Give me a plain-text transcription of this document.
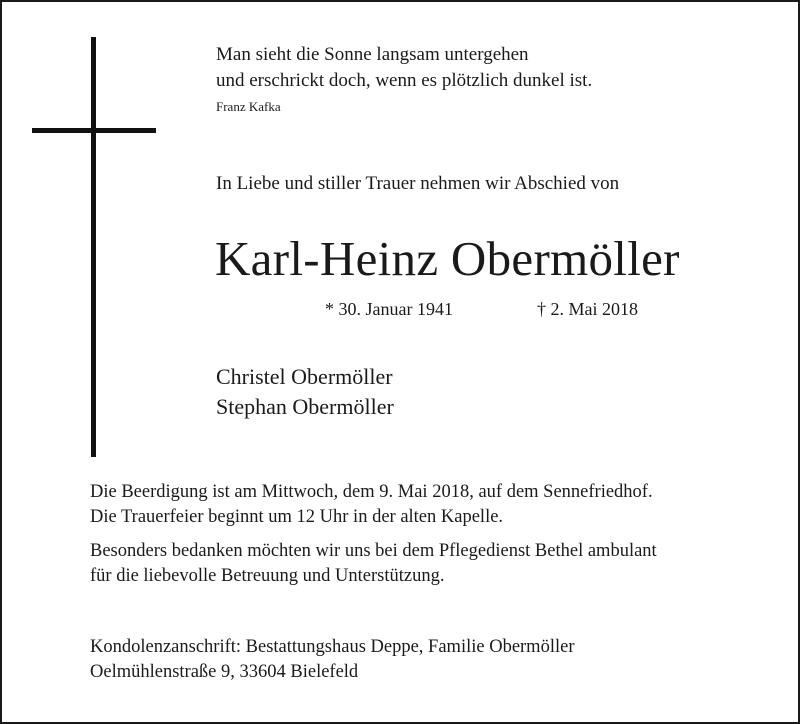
Man sieht die Sonne langsam untergehen
und erschrickt doch, wenn es plötzlich dunkel ist.
Franz Kafka
In Liebe und stiller Trauer nehmen wir Abschied von
Karl-Heinz Obermöller
* 30. Januar 1941	† 2. Mai 2018
Christel Obermöller
Stephan Obermöller
Die Beerdigung ist am Mittwoch, dem 9. Mai 2018, auf dem Sennefriedhof.
Die Trauerfeier beginnt um 12 Uhr in der alten Kapelle.
Besonders bedanken möchten wir uns bei dem Pflegedienst Bethel ambulant
für die liebevolle Betreuung und Unterstützung.
Kondolenzanschrift: Bestattungshaus Deppe, Familie Obermöller
Oelmühlenstraße 9, 33604 Bielefeld
